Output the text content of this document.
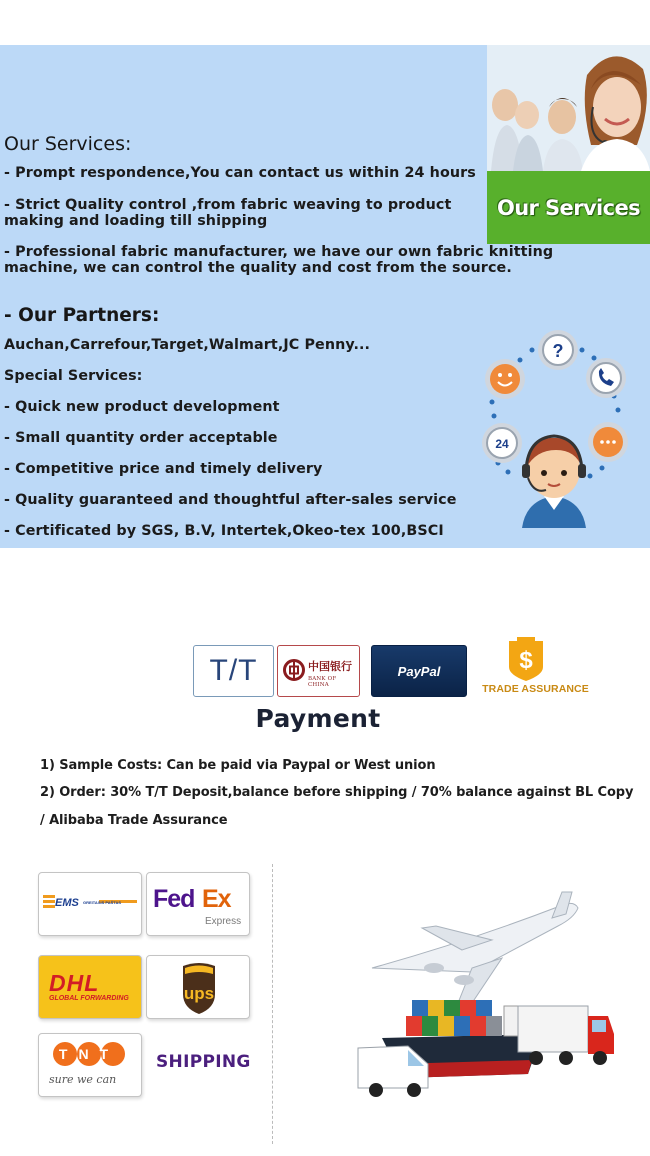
Our Services
Our Services:
- Prompt respondence,You can contact us within 24 hours
- Strict Quality control ,from fabric weaving to product making and loading till shipping
- Professional fabric manufacturer, we have our own fabric knitting machine, we can control the quality and cost from the source.
- Our Partners:
Auchan,Carrefour,Target,Walmart,JC Penny...
Special Services:
- Quick new product development
- Small quantity order acceptable
- Competitive price and timely delivery
- Quality guaranteed and thoughtful after-sales service
- Certificated by SGS, B.V, Intertek,Okeo-tex 100,BSCI
?
24
T/T	中国银行
BANK OF CHINA
PayPal	$
TRADE ASSURANCE
Payment
1) Sample Costs: Can be paid via Paypal or West union
2) Order: 30% T/T Deposit,balance before shipping / 70% balance against BL Copy
/ Alibaba Trade Assurance
EMS GREITASIS PAŠTAS Fed Ex
Express
DHL
GLOBAL FORWARDING	ups
TNT
sure we can
SHIPPING
